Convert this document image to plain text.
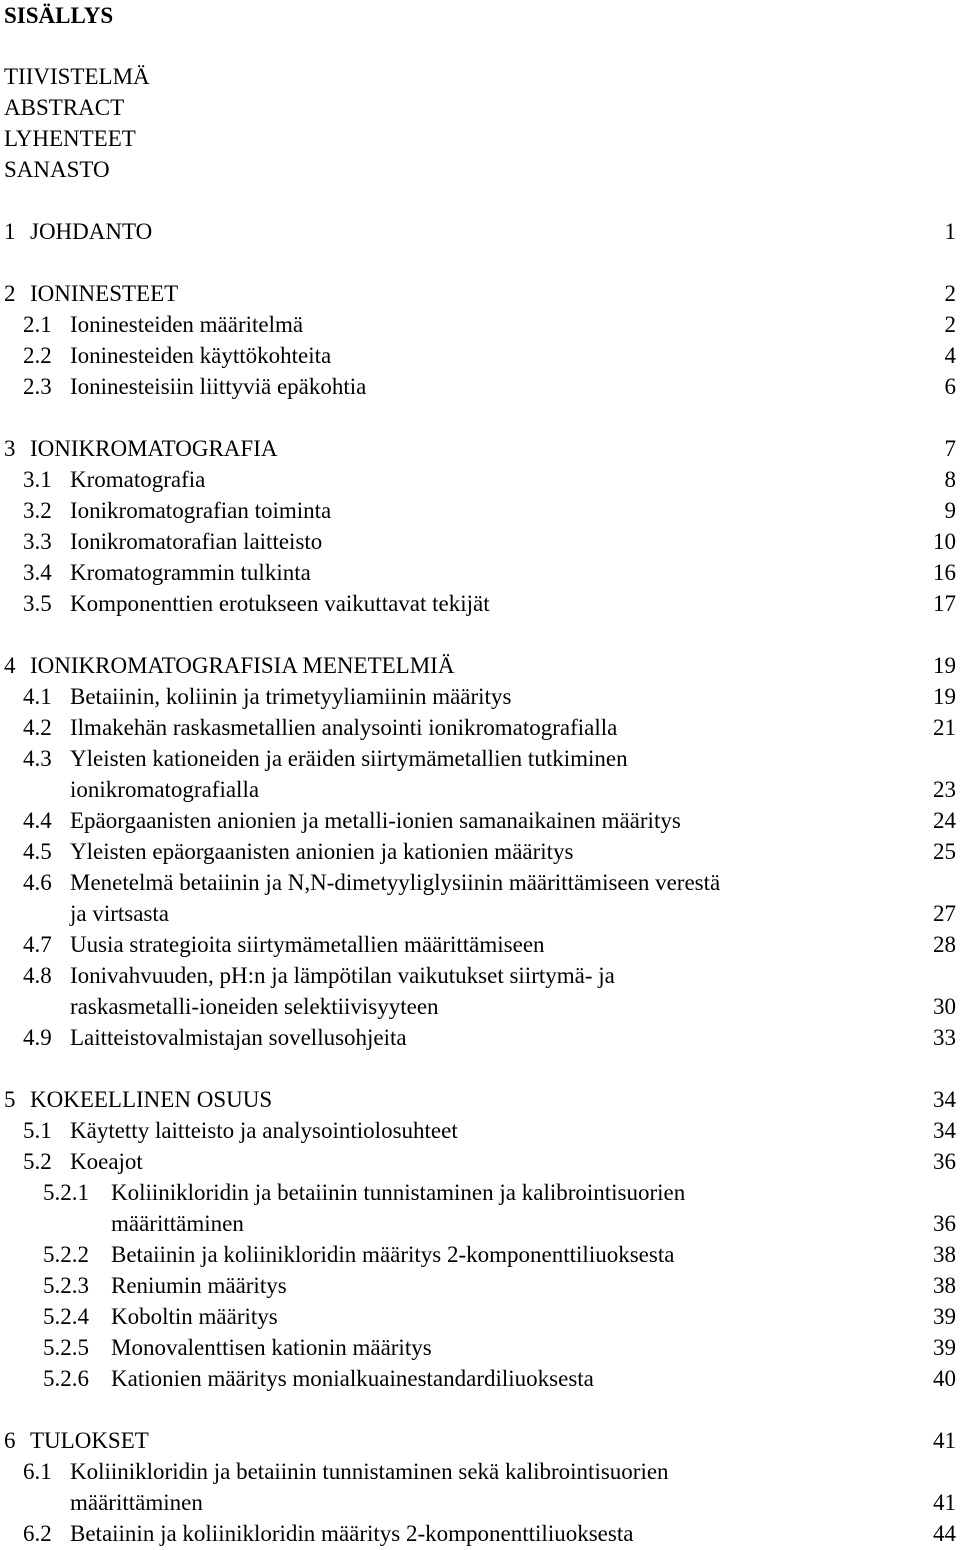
SISÄLLYS
TIIVISTELMÄ
ABSTRACT
LYHENTEET
SANASTO
1 JOHDANTO	1
2 IONINESTEET	2
2.1 Ioninesteiden määritelmä	2
2.2 Ioninesteiden käyttökohteita	4
2.3 Ioninesteisiin liittyviä epäkohtia	6
3 IONIKROMATOGRAFIA	7
3.1 Kromatografia	8
3.2 Ionikromatografian toiminta	9
3.3 Ionikromatorafian laitteisto	10
3.4 Kromatogrammin tulkinta	16
3.5 Komponenttien erotukseen vaikuttavat tekijät	17
4 IONIKROMATOGRAFISIA MENETELMIÄ	19
4.1 Betaiinin, koliinin ja trimetyyliamiinin määritys	19
4.2 Ilmakehän raskasmetallien analysointi ionikromatografialla	21
4.3 Yleisten kationeiden ja eräiden siirtymämetallien tutkiminen
ionikromatografialla	23
4.4 Epäorgaanisten anionien ja metalli-ionien samanaikainen määritys	24
4.5 Yleisten epäorgaanisten anionien ja kationien määritys	25
4.6 Menetelmä betaiinin ja N,N-dimetyyliglysiinin määrittämiseen verestä
ja virtsasta	27
4.7 Uusia strategioita siirtymämetallien määrittämiseen	28
4.8 Ionivahvuuden, pH:n ja lämpötilan vaikutukset siirtymä- ja
raskasmetalli-ioneiden selektiivisyyteen	30
4.9 Laitteistovalmistajan sovellusohjeita	33
5 KOKEELLINEN OSUUS	34
5.1 Käytetty laitteisto ja analysointiolosuhteet	34
5.2 Koeajot	36
5.2.1 Koliinikloridin ja betaiinin tunnistaminen ja kalibrointisuorien
määrittäminen	36
5.2.2 Betaiinin ja koliinikloridin määritys 2-komponenttiliuoksesta	38
5.2.3 Reniumin määritys	38
5.2.4 Koboltin määritys	39
5.2.5 Monovalenttisen kationin määritys	39
5.2.6 Kationien määritys monialkuainestandardiliuoksesta	40
6 TULOKSET	41
6.1 Koliinikloridin ja betaiinin tunnistaminen sekä kalibrointisuorien
määrittäminen	41
6.2 Betaiinin ja koliinikloridin määritys 2-komponenttiliuoksesta	44
